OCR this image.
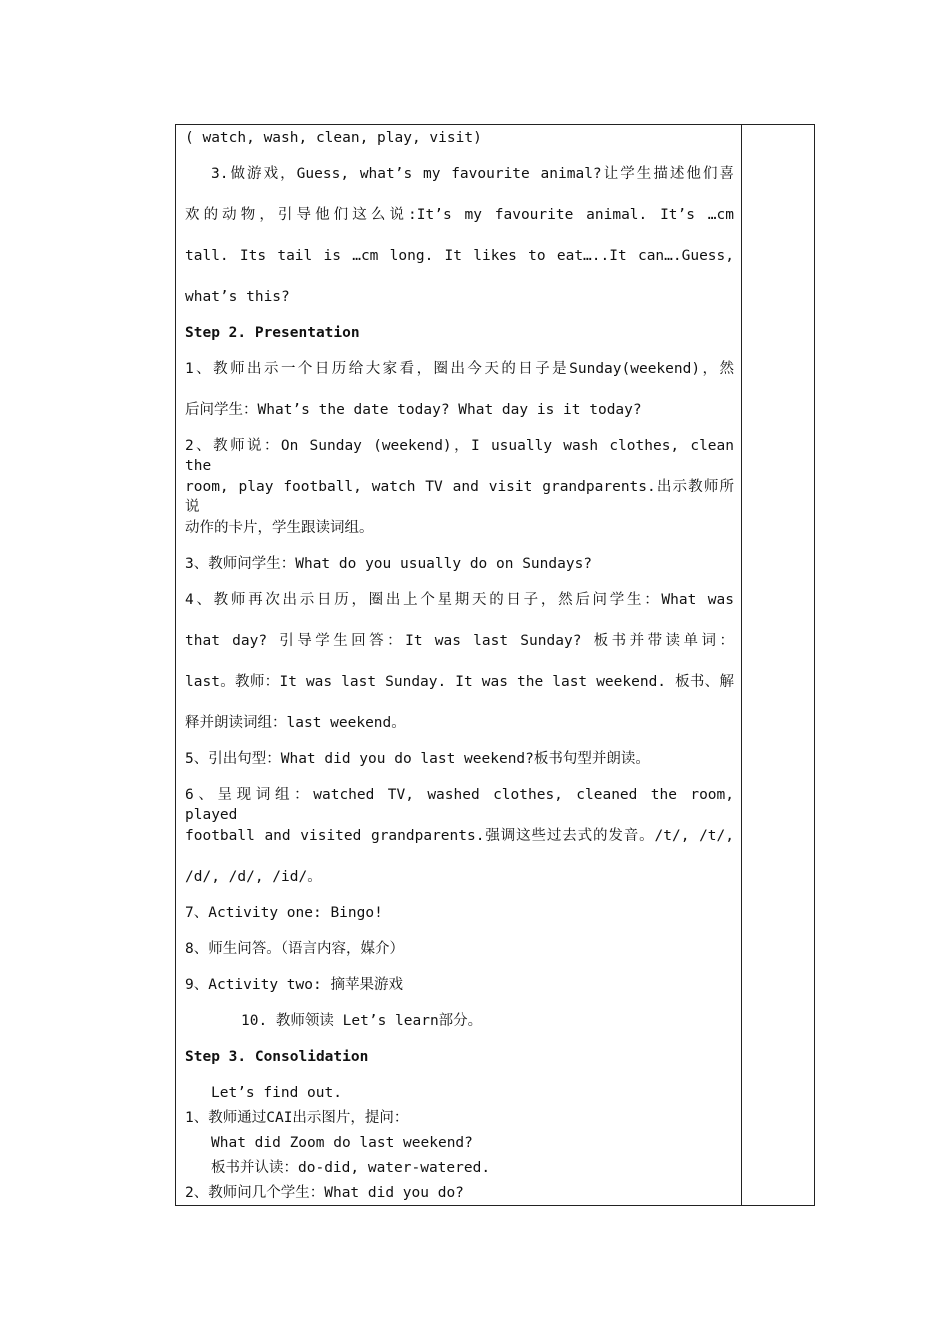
( watch, wash, clean, play, visit)
3.做游戏，Guess, what’s my favourite animal?让学生描述他们喜
欢的动物，引导他们这么说:It’s my favourite animal. It’s …cm
tall. Its tail is …cm long. It likes to eat…..It can….Guess,
what’s this?
Step 2. Presentation
1、教师出示一个日历给大家看，圈出今天的日子是Sunday(weekend)，然
后问学生：What’s the date today? What day is it today?
2、教师说：On Sunday (weekend)，I usually wash clothes, clean the
room, play football, watch TV and visit grandparents.出示教师所说
动作的卡片，学生跟读词组。
3、教师问学生：What do you usually do on Sundays?
4、教师再次出示日历，圈出上个星期天的日子，然后问学生：What was
that day? 引导学生回答：It was last Sunday? 板书并带读单词：
last。教师：It was last Sunday. It was the last weekend. 板书、解
释并朗读词组：last weekend。
5、引出句型：What did you do last weekend?板书句型并朗读。
6、呈现词组：watched TV, washed clothes, cleaned the room, played
football and visited grandparents.强调这些过去式的发音。/t/, /t/,
/d/, /d/, /id/。
7、Activity one: Bingo!
8、师生问答。（语言内容，媒介）
9、Activity two: 摘苹果游戏
10. 教师领读 Let’s learn部分。
Step 3. Consolidation
Let’s find out.
1、教师通过CAI出示图片，提问：
What did Zoom do last weekend?
板书并认读：do-did, water-watered.
2、教师问几个学生：What did you do?
